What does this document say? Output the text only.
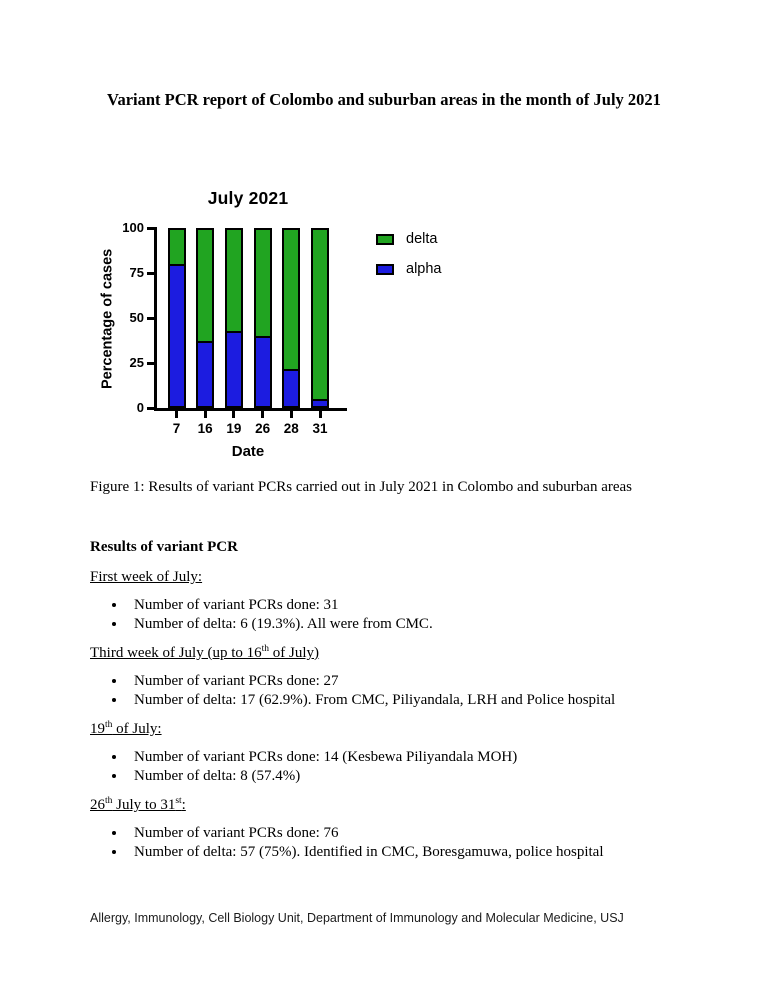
Variant PCR report of Colombo and suburban areas in the month of July 2021
July 2021
Percentage of cases
0
25
50
75
100
7	16	19	26	28	31
Date
delta
alpha
Figure 1: Results of variant PCRs carried out in July 2021 in Colombo and suburban areas
Results of variant PCR
First week of July:
• Number of variant PCRs done: 31
• Number of delta: 6 (19.3%). All were from CMC.
Third week of July (up to 16th of July)
• Number of variant PCRs done: 27
• Number of delta: 17 (62.9%). From CMC, Piliyandala, LRH and Police hospital
19th of July:
• Number of variant PCRs done: 14 (Kesbewa Piliyandala MOH)
• Number of delta: 8 (57.4%)
26th July to 31st:
• Number of variant PCRs done: 76
• Number of delta: 57 (75%). Identified in CMC, Boresgamuwa, police hospital
Allergy, Immunology, Cell Biology Unit, Department of Immunology and Molecular Medicine, USJ
